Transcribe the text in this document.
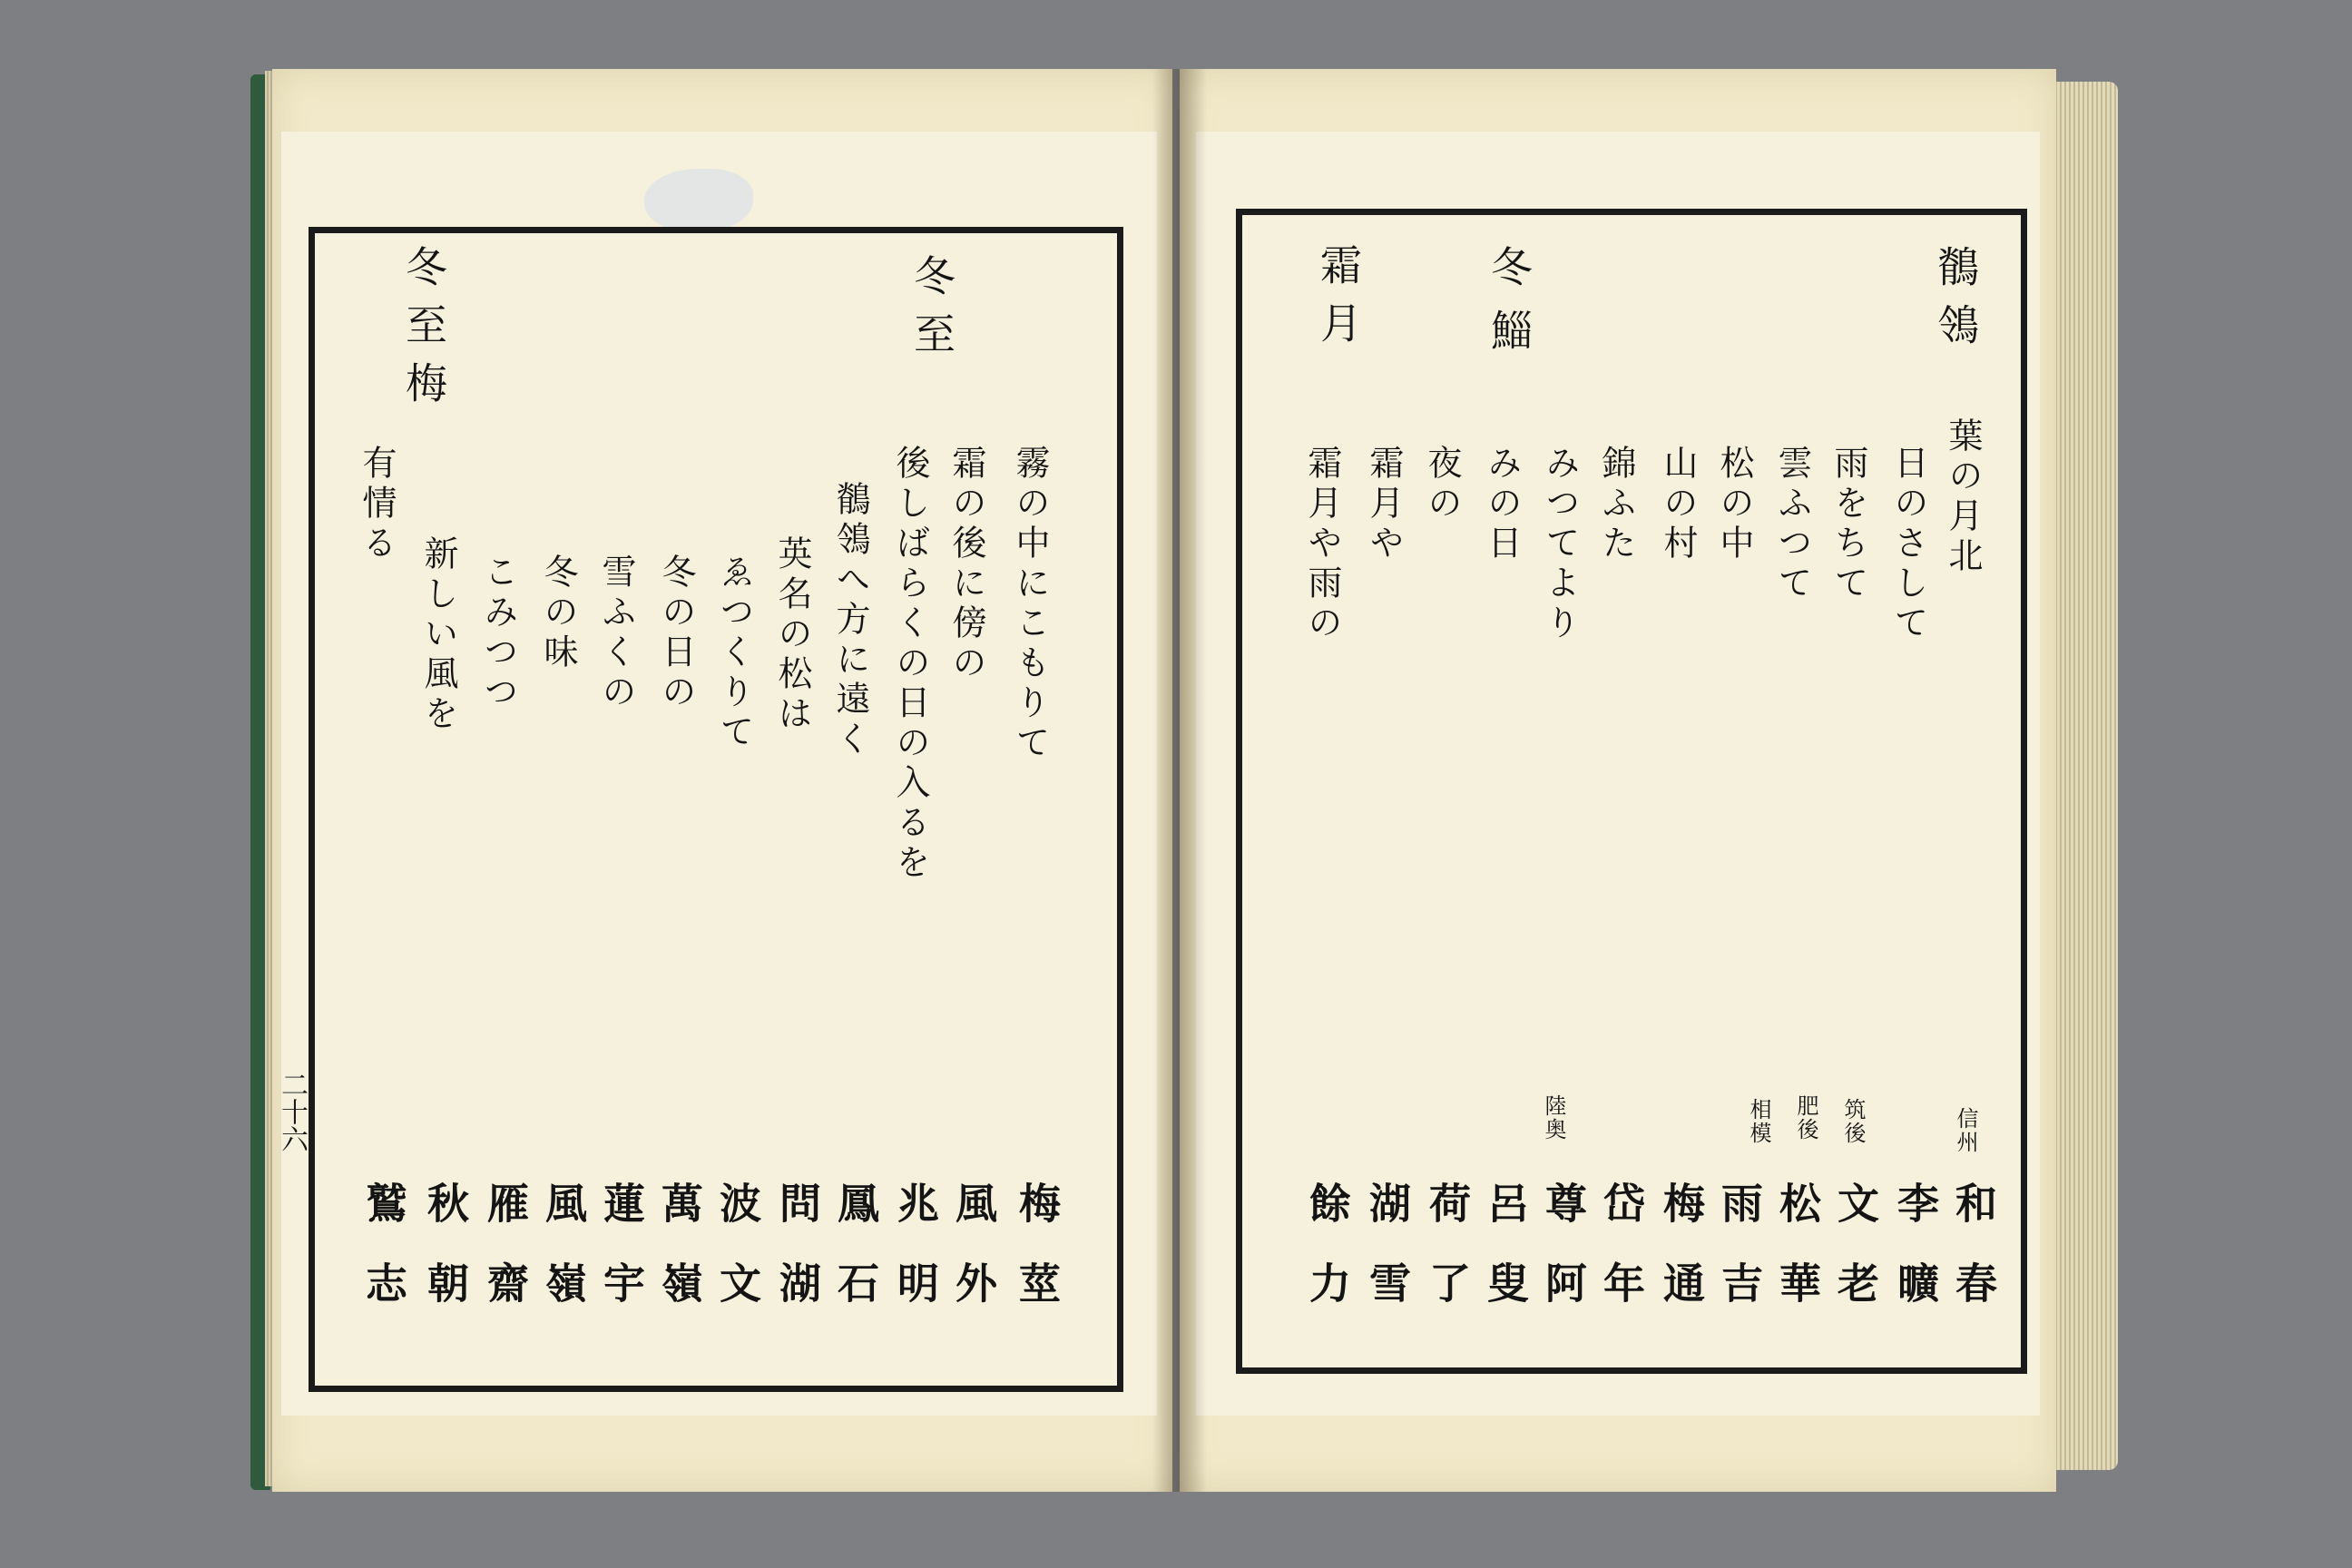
冬至梅	冬至
霧の中にこもりて
霜の後に傍の
後しばらくの日の入るを
鶺鴒へ方に遠く
英名の松は
ゑつくりて
冬の日の
雪ふくの
冬の味
こみつつ
新しい風を
有情る
梅莖
風外
兆明
鳳石
問湖
波文
萬嶺
蓮宇
風嶺
雁齋
秋朝
鷲志
二十六
鶺鴒
冬
鯔
霜月
葉の月北
日のさして
雨をちて
雲ふつて
松の中
山の村
錦ふた
みつてより
みの日
夜の
霜月や
霜月や雨の
信州
筑後
肥後
相模
陸奥
和春
李曠
文老
松華
雨吉
梅通
岱年
尊阿
呂叟
荷了
湖雪
餘力
